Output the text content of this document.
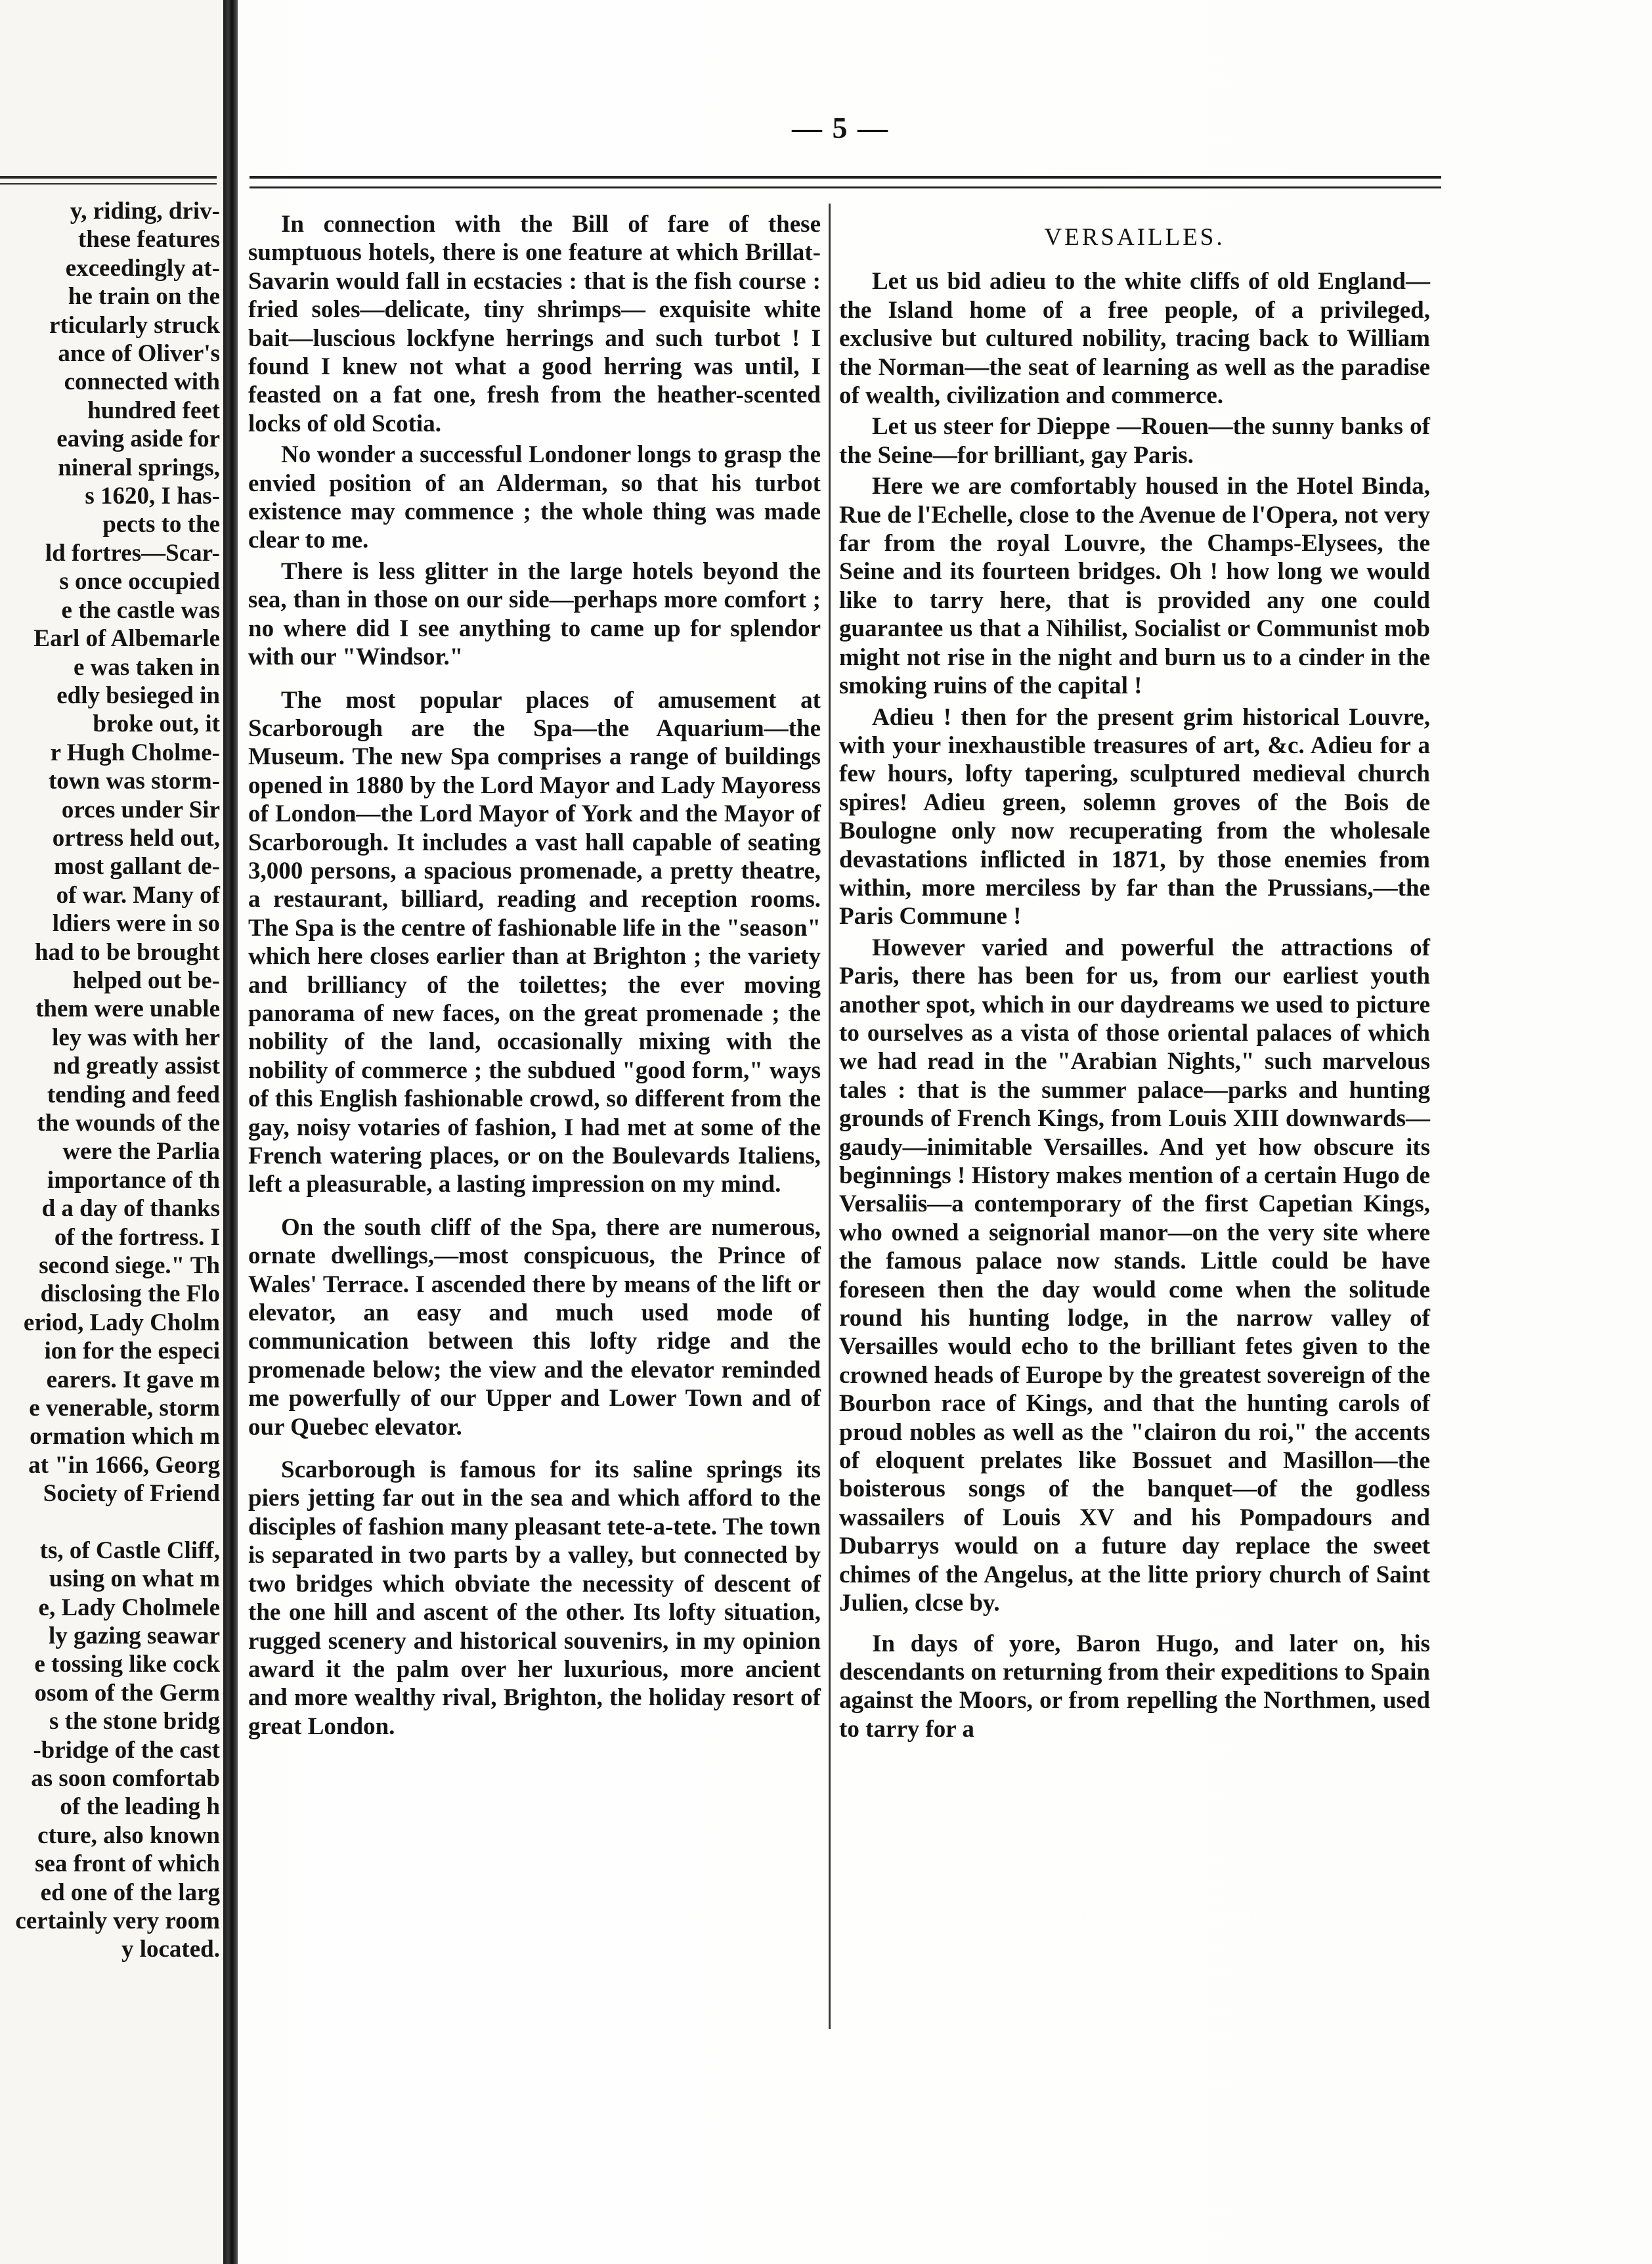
y, riding, driv-
these features
exceedingly at-
he train on the
rticularly struck
ance of Oliver's
connected with
hundred feet
eaving aside for
nineral springs,
s 1620, I has-
pects to the
ld fortres—Scar-
s once occupied
e the castle was
Earl of Albemarle
e was taken in
edly besieged in
broke out, it
r Hugh Cholme-
town was storm-
orces under Sir
ortress held out,
most gallant de-
of war. Many of
ldiers were in so
had to be brought
helped out be-
them were unable
ley was with her
nd greatly assist
tending and feed
the wounds of the
were the Parlia
importance of th
d a day of thanks
of the fortress. I
second siege." Th
disclosing the Flo
eriod, Lady Cholm
ion for the especi
earers. It gave m
e venerable, storm
ormation which m
at "in 1666, Georg
Society of Friend
ts, of Castle Cliff,
using on what m
e, Lady Cholmele
ly gazing seawar
e tossing like cock
osom of the Germ
s the stone bridg
-bridge of the cast
as soon comfortab
of the leading h
cture, also known
sea front of which
ed one of the larg
certainly very room
y located.
— 5 —

In connection with the Bill of fare of these sumptuous hotels, there is one feature at which Brillat-Savarin would fall in ecstacies : that is the fish course : fried soles—delicate, tiny shrimps— exquisite white bait—luscious lockfyne herrings and such turbot ! I found I knew not what a good herring was until, I feasted on a fat one, fresh from the heather-scented locks of old Scotia.

No wonder a successful Londoner longs to grasp the envied position of an Alderman, so that his turbot existence may commence ; the whole thing was made clear to me.

There is less glitter in the large hotels beyond the sea, than in those on our side—perhaps more comfort ; no where did I see anything to came up for splendor with our "Windsor."

The most popular places of amusement at Scarborough are the Spa—the Aquarium—the Museum. The new Spa comprises a range of buildings opened in 1880 by the Lord Mayor and Lady Mayoress of London—the Lord Mayor of York and the Mayor of Scarborough. It includes a vast hall capable of seating 3,000 persons, a spacious promenade, a pretty theatre, a restaurant, billiard, reading and reception rooms. The Spa is the centre of fashionable life in the "season" which here closes earlier than at Brighton ; the variety and brilliancy of the toilettes; the ever moving panorama of new faces, on the great promenade ; the nobility of the land, occasionally mixing with the nobility of commerce ; the subdued "good form," ways of this English fashionable crowd, so different from the gay, noisy votaries of fashion, I had met at some of the French watering places, or on the Boulevards Italiens, left a pleasurable, a lasting impression on my mind.

On the south cliff of the Spa, there are numerous, ornate dwellings,—most conspicuous, the Prince of Wales' Terrace. I ascended there by means of the lift or elevator, an easy and much used mode of communication between this lofty ridge and the promenade below; the view and the elevator reminded me powerfully of our Upper and Lower Town and of our Quebec elevator.

Scarborough is famous for its saline springs its piers jetting far out in the sea and which afford to the disciples of fashion many pleasant tete-a-tete. The town is separated in two parts by a valley, but connected by two bridges which obviate the necessity of descent of the one hill and ascent of the other. Its lofty situation, rugged scenery and historical souvenirs, in my opinion award it the palm over her luxurious, more ancient and more wealthy rival, Brighton, the holiday resort of great London.

VERSAILLES.

Let us bid adieu to the white cliffs of old England—the Island home of a free people, of a privileged, exclusive but cultured nobility, tracing back to William the Norman—the seat of learning as well as the paradise of wealth, civilization and commerce.

Let us steer for Dieppe —Rouen—the sunny banks of the Seine—for brilliant, gay Paris.

Here we are comfortably housed in the Hotel Binda, Rue de l'Echelle, close to the Avenue de l'Opera, not very far from the royal Louvre, the Champs-Elysees, the Seine and its fourteen bridges. Oh ! how long we would like to tarry here, that is provided any one could guarantee us that a Nihilist, Socialist or Communist mob might not rise in the night and burn us to a cinder in the smoking ruins of the capital !

Adieu ! then for the present grim historical Louvre, with your inexhaustible treasures of art, &c. Adieu for a few hours, lofty tapering, sculptured medieval church spires! Adieu green, solemn groves of the Bois de Boulogne only now recuperating from the wholesale devastations inflicted in 1871, by those enemies from within, more merciless by far than the Prussians,—the Paris Commune !

However varied and powerful the attractions of Paris, there has been for us, from our earliest youth another spot, which in our daydreams we used to picture to ourselves as a vista of those oriental palaces of which we had read in the "Arabian Nights," such marvelous tales : that is the summer palace—parks and hunting grounds of French Kings, from Louis XIII downwards—gaudy—inimitable Versailles. And yet how obscure its beginnings ! History makes mention of a certain Hugo de Versaliis—a contemporary of the first Capetian Kings, who owned a seignorial manor—on the very site where the famous palace now stands. Little could be have foreseen then the day would come when the solitude round his hunting lodge, in the narrow valley of Versailles would echo to the brilliant fetes given to the crowned heads of Europe by the greatest sovereign of the Bourbon race of Kings, and that the hunting carols of proud nobles as well as the "clairon du roi," the accents of eloquent prelates like Bossuet and Masillon—the boisterous songs of the banquet—of the godless wassailers of Louis XV and his Pompadours and Dubarrys would on a future day replace the sweet chimes of the Angelus, at the litte priory church of Saint Julien, clcse by.

In days of yore, Baron Hugo, and later on, his descendants on returning from their expeditions to Spain against the Moors, or from repelling the Northmen, used to tarry for a
